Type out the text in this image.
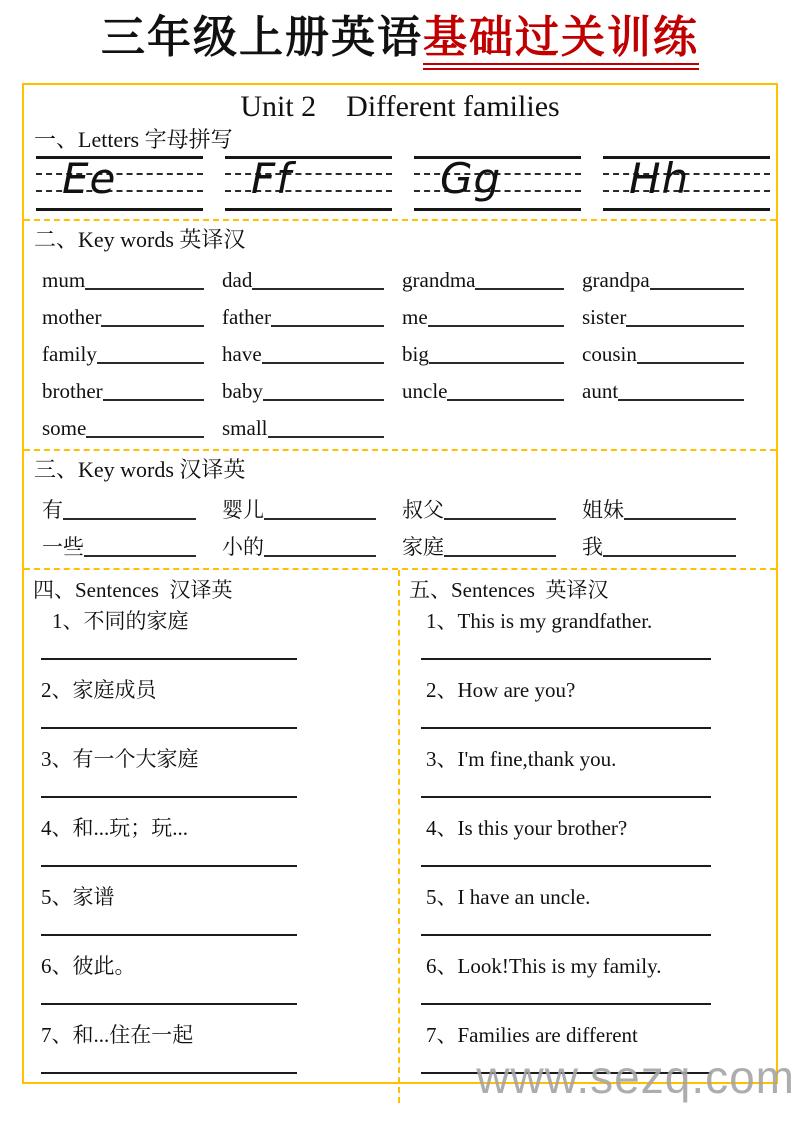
www.sezq.com
三年级上册英语基础过关训练
Unit 2    Different families
一、Letters 字母拼写
Ee	Ff	Gg	Hh
二、Key words 英译汉
mum	dad	grandma	grandpa
mother	father	me	sister
family	have	big	cousin
brother	baby	uncle	aunt
some	small
三、Key words 汉译英
有	婴儿	叔父	姐妹
一些	小的	家庭	我
四、Sentences  汉译英
1、不同的家庭
2、家庭成员
3、有一个大家庭
4、和...玩；玩...
5、家谱
6、彼此。
7、和...住在一起
五、Sentences  英译汉
1、This is my grandfather.
2、How are you?
3、I'm fine,thank you.
4、Is this your brother?
5、I have an uncle.
6、Look!This is my family.
7、Families are different
